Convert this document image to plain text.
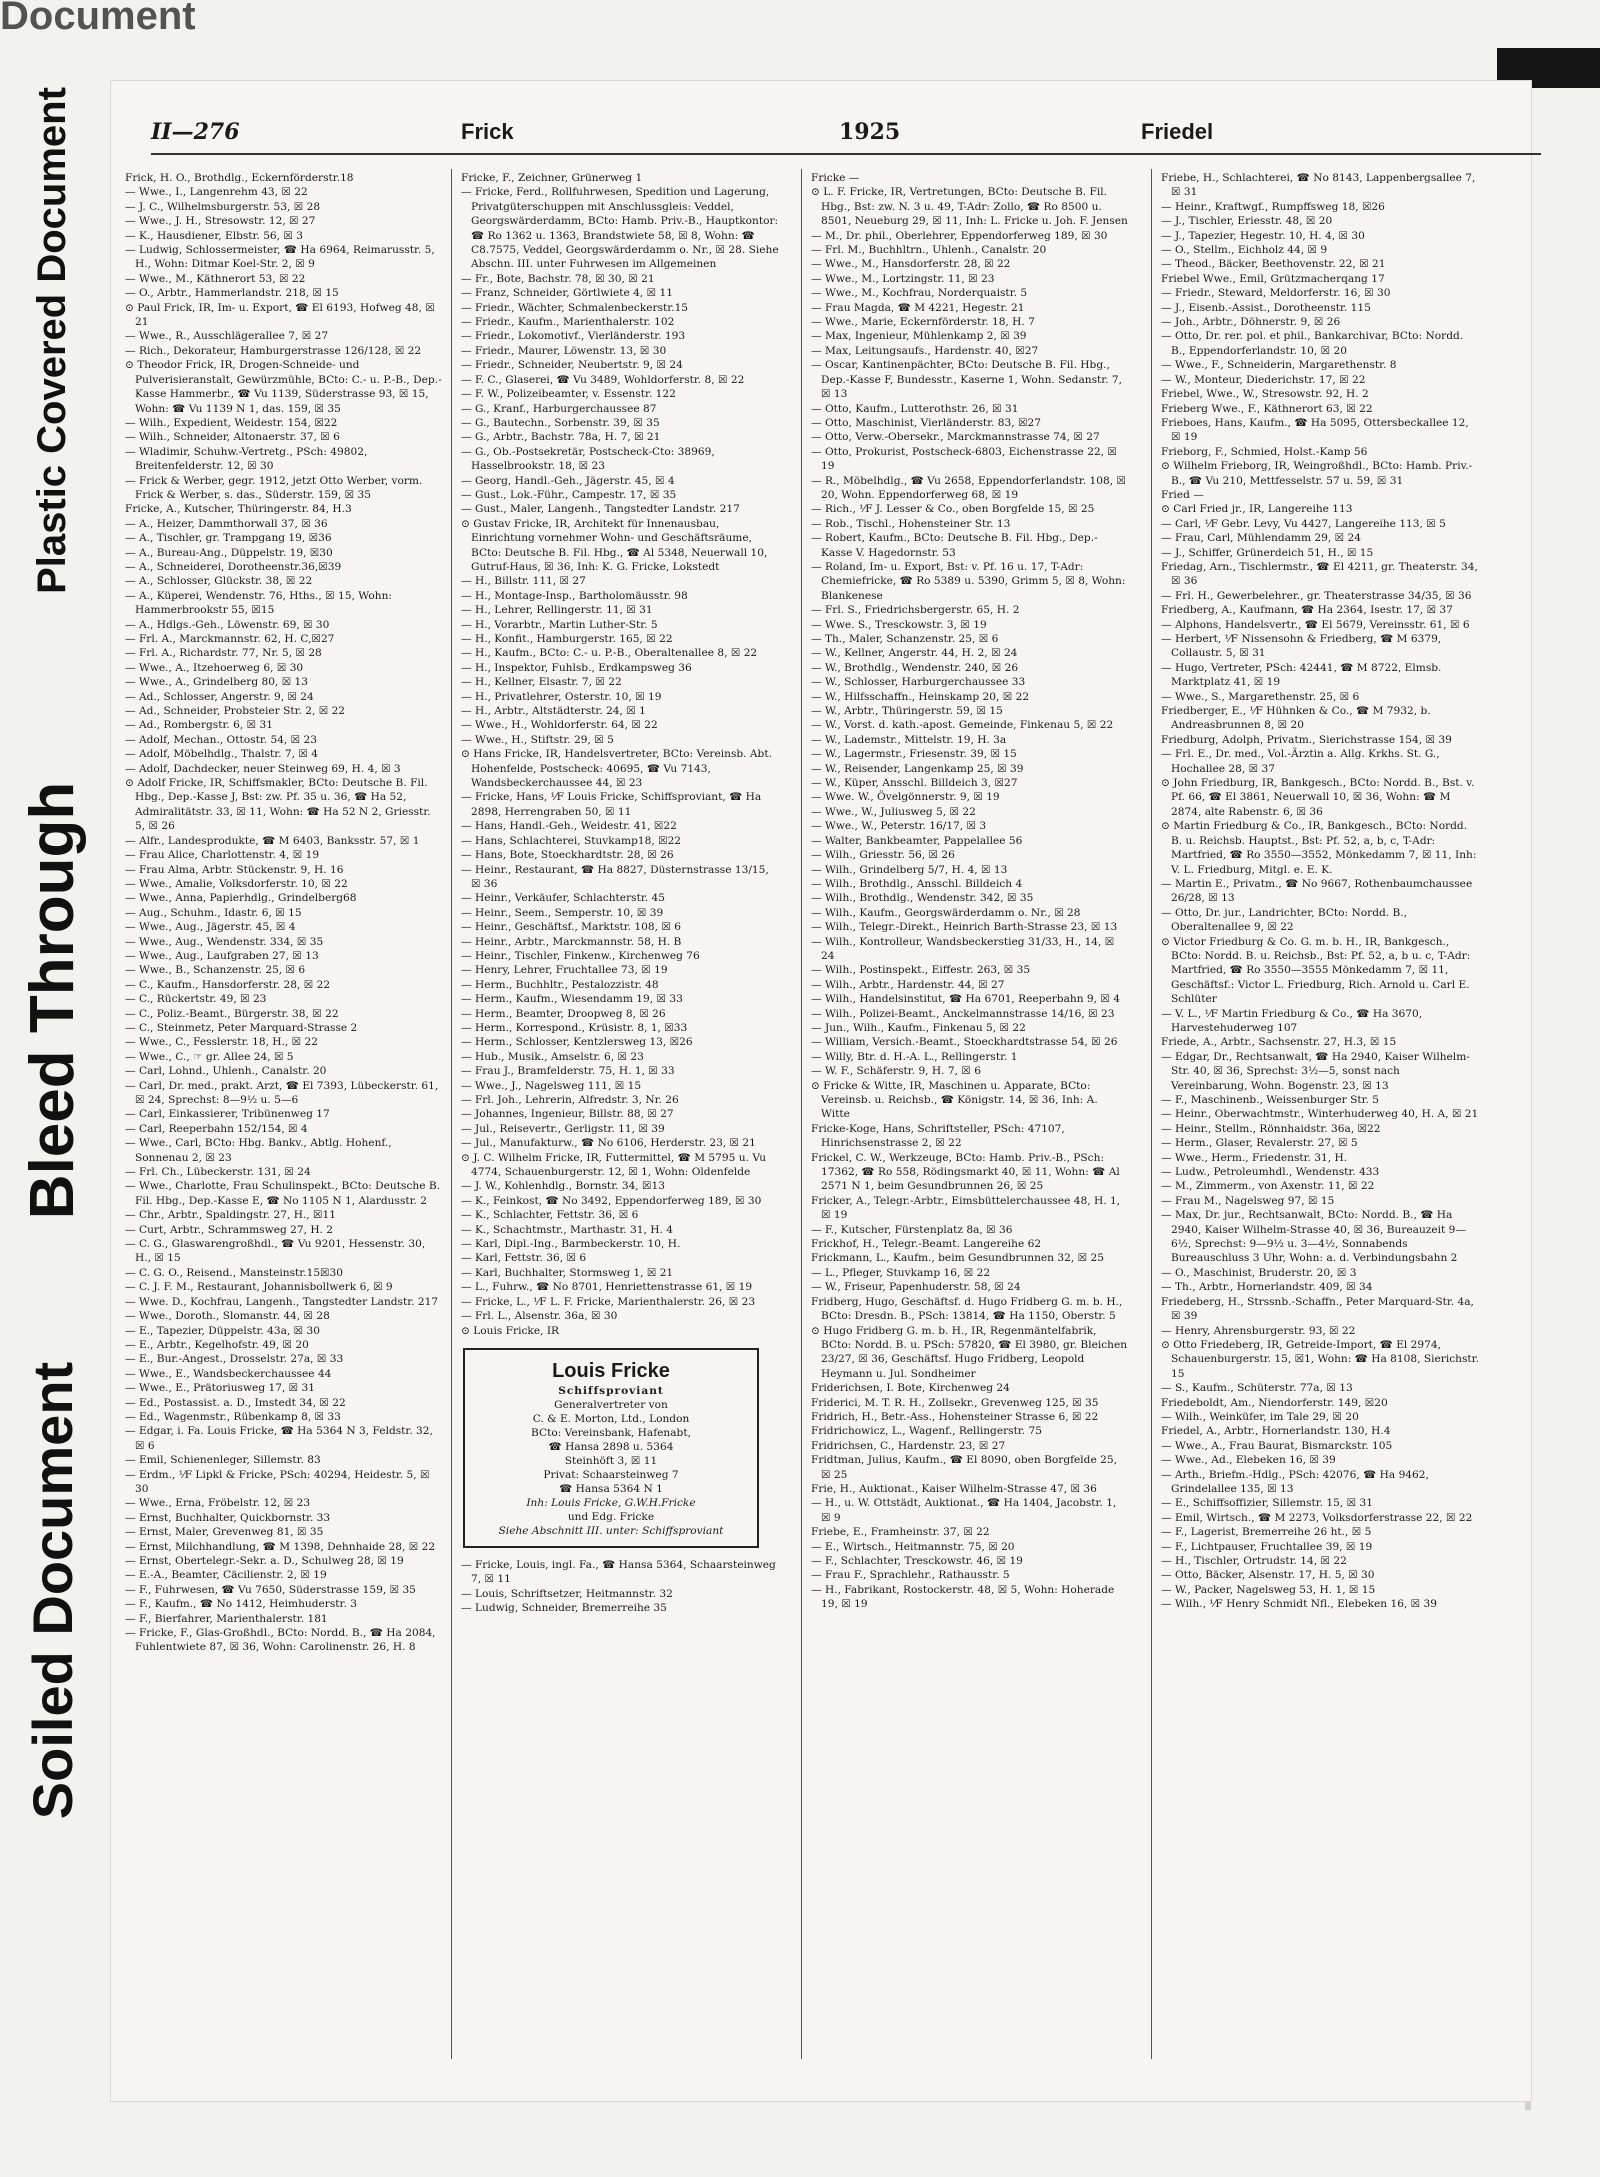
Plastic Covered Document
Document
Bleed Through
Soiled Document
II—276	Frick	1925	Friedel

Frick, H. O., Brothdlg., Eckernförderstr.18

— Wwe., I., Langenrehm 43, ☒ 22

— J. C., Wilhelmsburgerstr. 53, ☒ 28

— Wwe., J. H., Stresowstr. 12, ☒ 27

— K., Hausdiener, Elbstr. 56, ☒ 3

— Ludwig, Schlossermeister, ☎ Ha 6964, Reimarusstr. 5, H., Wohn: Ditmar Koel-Str. 2, ☒ 9

— Wwe., M., Käthnerort 53, ☒ 22

— O., Arbtr., Hammerlandstr. 218, ☒ 15

⊙ Paul Frick, IR, Im- u. Export, ☎ El 6193, Hofweg 48, ☒ 21

— Wwe., R., Ausschlägerallee 7, ☒ 27

— Rich., Dekorateur, Hamburgerstrasse 126/128, ☒ 22

⊙ Theodor Frick, IR, Drogen-Schneide- und Pulverisieranstalt, Gewürzmühle, BCto: C.- u. P.-B., Dep.-Kasse Hammerbr., ☎ Vu 1139, Süderstrasse 93, ☒ 15, Wohn: ☎ Vu 1139 N 1, das. 159, ☒ 35

— Wilh., Expedient, Weidestr. 154, ☒22

— Wilh., Schneider, Altonaerstr. 37, ☒ 6

— Wladimir, Schuhw.-Vertretg., PSch: 49802, Breitenfelderstr. 12, ☒ 30

— Frick & Werber, gegr. 1912, jetzt Otto Werber, vorm. Frick & Werber, s. das., Süderstr. 159, ☒ 35

Fricke, A., Kutscher, Thüringerstr. 84, H.3

— A., Heizer, Dammthorwall 37, ☒ 36

— A., Tischler, gr. Trampgang 19, ☒36

— A., Bureau-Ang., Düppelstr. 19, ☒30

— A., Schneiderei, Dorotheenstr.36,☒39

— A., Schlosser, Glückstr. 38, ☒ 22

— A., Küperei, Wendenstr. 76, Hths., ☒ 15, Wohn: Hammerbrookstr 55, ☒15

— A., Hdlgs.-Geh., Löwenstr. 69, ☒ 30

— Frl. A., Marckmannstr. 62, H. C,☒27

— Frl. A., Richardstr. 77, Nr. 5, ☒ 28

— Wwe., A., Itzehoerweg 6, ☒ 30

— Wwe., A., Grindelberg 80, ☒ 13

— Ad., Schlosser, Angerstr. 9, ☒ 24

— Ad., Schneider, Probsteier Str. 2, ☒ 22

— Ad., Rombergstr. 6, ☒ 31

— Adolf, Mechan., Ottostr. 54, ☒ 23

— Adolf, Möbelhdlg., Thalstr. 7, ☒ 4

— Adolf, Dachdecker, neuer Steinweg 69, H. 4, ☒ 3

⊙ Adolf Fricke, IR, Schiffsmakler, BCto: Deutsche B. Fil. Hbg., Dep.-Kasse J, Bst: zw. Pf. 35 u. 36, ☎ Ha 52, Admiralitätstr. 33, ☒ 11, Wohn: ☎ Ha 52 N 2, Griesstr. 5, ☒ 26

— Alfr., Landesprodukte, ☎ M 6403, Banksstr. 57, ☒ 1

— Frau Alice, Charlottenstr. 4, ☒ 19

— Frau Alma, Arbtr. Stückenstr. 9, H. 16

— Wwe., Amalie, Volksdorferstr. 10, ☒ 22

— Wwe., Anna, Papierhdlg., Grindelberg68

— Aug., Schuhm., Idastr. 6, ☒ 15

— Wwe., Aug., Jägerstr. 45, ☒ 4

— Wwe., Aug., Wendenstr. 334, ☒ 35

— Wwe., Aug., Laufgraben 27, ☒ 13

— Wwe., B., Schanzenstr. 25, ☒ 6

— C., Kaufm., Hansdorferstr. 28, ☒ 22

— C., Rückertstr. 49, ☒ 23

— C., Poliz.-Beamt., Bürgerstr. 38, ☒ 22

— C., Steinmetz, Peter Marquard-Strasse 2

— Wwe., C., Fesslerstr. 18, H., ☒ 22

— Wwe., C., ☞ gr. Allee 24, ☒ 5

— Carl, Lohnd., Uhlenh., Canalstr. 20

— Carl, Dr. med., prakt. Arzt, ☎ El 7393, Lübeckerstr. 61, ☒ 24, Sprechst: 8—9½ u. 5—6

— Carl, Einkassierer, Tribünenweg 17

— Carl, Reeperbahn 152/154, ☒ 4

— Wwe., Carl, BCto: Hbg. Bankv., Abtlg. Hohenf., Sonnenau 2, ☒ 23

— Frl. Ch., Lübeckerstr. 131, ☒ 24

— Wwe., Charlotte, Frau Schulinspekt., BCto: Deutsche B. Fil. Hbg., Dep.-Kasse E, ☎ No 1105 N 1, Alardusstr. 2

— Chr., Arbtr., Spaldingstr. 27, H., ☒11

— Curt, Arbtr., Schrammsweg 27, H. 2

— C. G., Glaswarengroßhdl., ☎ Vu 9201, Hessenstr. 30, H., ☒ 15

— C. G. O., Reisend., Mansteinstr.15☒30

— C. J. F. M., Restaurant, Johannisbollwerk 6, ☒ 9

— Wwe. D., Kochfrau, Langenh., Tangstedter Landstr. 217

— Wwe., Doroth., Slomanstr. 44, ☒ 28

— E., Tapezier, Düppelstr. 43a, ☒ 30

— E., Arbtr., Kegelhofstr. 49, ☒ 20

— E., Bur.-Angest., Drosselstr. 27a, ☒ 33

— Wwe., E., Wandsbeckerchaussee 44

— Wwe., E., Prätoriusweg 17, ☒ 31

— Ed., Postassist. a. D., Imstedt 34, ☒ 22

— Ed., Wagenmstr., Rübenkamp 8, ☒ 33

— Edgar, i. Fa. Louis Fricke, ☎ Ha 5364 N 3, Feldstr. 32, ☒ 6

— Emil, Schienenleger, Sillemstr. 83

— Erdm., ⅟F Lipkl & Fricke, PSch: 40294, Heidestr. 5, ☒ 30

— Wwe., Erna, Fröbelstr. 12, ☒ 23

— Ernst, Buchhalter, Quickbornstr. 33

— Ernst, Maler, Grevenweg 81, ☒ 35

— Ernst, Milchhandlung, ☎ M 1398, Dehnhaide 28, ☒ 22

— Ernst, Obertelegr.-Sekr. a. D., Schulweg 28, ☒ 19

— E.-A., Beamter, Cäcilienstr. 2, ☒ 19

— F., Fuhrwesen, ☎ Vu 7650, Süderstrasse 159, ☒ 35

— F., Kaufm., ☎ No 1412, Heimhuderstr. 3

— F., Bierfahrer, Marienthalerstr. 181

— Fricke, F., Glas-Großhdl., BCto: Nordd. B., ☎ Ha 2084, Fuhlentwiete 87, ☒ 36, Wohn: Carolinenstr. 26, H. 8

Fricke, F., Zeichner, Grünerweg 1

— Fricke, Ferd., Rollfuhrwesen, Spedition und Lagerung, Privatgüterschuppen mit Anschlussgleis: Veddel, Georgswärderdamm, BCto: Hamb. Priv.-B., Hauptkontor: ☎ Ro 1362 u. 1363, Brandstwiete 58, ☒ 8, Wohn: ☎ C8.7575, Veddel, Georgswärderdamm o. Nr., ☒ 28. Siehe Abschn. III. unter Fuhrwesen im Allgemeinen

— Fr., Bote, Bachstr. 78, ☒ 30, ☒ 21

— Franz, Schneider, Görtlwiete 4, ☒ 11

— Friedr., Wächter, Schmalenbeckerstr.15

— Friedr., Kaufm., Marienthalerstr. 102

— Friedr., Lokomotivf., Vierländerstr. 193

— Friedr., Maurer, Löwenstr. 13, ☒ 30

— Friedr., Schneider, Neubertstr. 9, ☒ 24

— F. C., Glaserei, ☎ Vu 3489, Wohldorferstr. 8, ☒ 22

— F. W., Polizeibeamter, v. Essenstr. 122

— G., Kranf., Harburgerchaussee 87

— G., Bautechn., Sorbenstr. 39, ☒ 35

— G., Arbtr., Bachstr. 78a, H. 7, ☒ 21

— G., Ob.-Postsekretär, Postscheck-Cto: 38969, Hasselbrookstr. 18, ☒ 23

— Georg, Handl.-Geh., Jägerstr. 45, ☒ 4

— Gust., Lok.-Führ., Campestr. 17, ☒ 35

— Gust., Maler, Langenh., Tangstedter Landstr. 217

⊙ Gustav Fricke, IR, Architekt für Innenausbau, Einrichtung vornehmer Wohn- und Geschäftsräume, BCto: Deutsche B. Fil. Hbg., ☎ Al 5348, Neuerwall 10, Gutruf-Haus, ☒ 36, Inh: K. G. Fricke, Lokstedt

— H., Billstr. 111, ☒ 27

— H., Montage-Insp., Bartholomäusstr. 98

— H., Lehrer, Rellingerstr. 11, ☒ 31

— H., Vorarbtr., Martin Luther-Str. 5

— H., Konfit., Hamburgerstr. 165, ☒ 22

— H., Kaufm., BCto: C.- u. P.-B., Oberaltenallee 8, ☒ 22

— H., Inspektor, Fuhlsb., Erdkampsweg 36

— H., Kellner, Elsastr. 7, ☒ 22

— H., Privatlehrer, Osterstr. 10, ☒ 19

— H., Arbtr., Altstädterstr. 24, ☒ 1

— Wwe., H., Wohldorferstr. 64, ☒ 22

— Wwe., H., Stiftstr. 29, ☒ 5

⊙ Hans Fricke, IR, Handelsvertreter, BCto: Vereinsb. Abt. Hohenfelde, Postscheck: 40695, ☎ Vu 7143, Wandsbeckerchaussee 44, ☒ 23

— Fricke, Hans, ⅟F Louis Fricke, Schiffsproviant, ☎ Ha 2898, Herrengraben 50, ☒ 11

— Hans, Handl.-Geh., Weidestr. 41, ☒22

— Hans, Schlachterei, Stuvkamp18, ☒22

— Hans, Bote, Stoeckhardtstr. 28, ☒ 26

— Heinr., Restaurant, ☎ Ha 8827, Düsternstrasse 13/15, ☒ 36

— Heinr., Verkäufer, Schlachterstr. 45

— Heinr., Seem., Semperstr. 10, ☒ 39

— Heinr., Geschäftsf., Marktstr. 108, ☒ 6

— Heinr., Arbtr., Marckmannstr. 58, H. B

— Heinr., Tischler, Finkenw., Kirchenweg 76

— Henry, Lehrer, Fruchtallee 73, ☒ 19

— Herm., Buchhltr., Pestalozzistr. 48

— Herm., Kaufm., Wiesendamm 19, ☒ 33

— Herm., Beamter, Droopweg 8, ☒ 26

— Herm., Korrespond., Krüsistr. 8, 1, ☒33

— Herm., Schlosser, Kentzlersweg 13, ☒26

— Hub., Musik., Amselstr. 6, ☒ 23

— Frau J., Bramfelderstr. 75, H. 1, ☒ 33

— Wwe., J., Nagelsweg 111, ☒ 15

— Frl. Joh., Lehrerin, Alfredstr. 3, Nr. 26

— Johannes, Ingenieur, Billstr. 88, ☒ 27

— Jul., Reisevertr., Gerligstr. 11, ☒ 39

— Jul., Manufakturw., ☎ No 6106, Herderstr. 23, ☒ 21

⊙ J. C. Wilhelm Fricke, IR, Futtermittel, ☎ M 5795 u. Vu 4774, Schauenburgerstr. 12, ☒ 1, Wohn: Oldenfelde

— J. W., Kohlenhdlg., Bornstr. 34, ☒13

— K., Feinkost, ☎ No 3492, Eppendorferweg 189, ☒ 30

— K., Schlachter, Fettstr. 36, ☒ 6

— K., Schachtmstr., Marthastr. 31, H. 4

— Karl, Dipl.-Ing., Barmbeckerstr. 10, H.

— Karl, Fettstr. 36, ☒ 6

— Karl, Buchhalter, Stormsweg 1, ☒ 21

— L., Fuhrw., ☎ No 8701, Henriettenstrasse 61, ☒ 19

— Fricke, L., ⅟F L. F. Fricke, Marienthalerstr. 26, ☒ 23

— Frl. L., Alsenstr. 36a, ☒ 30

⊙ Louis Fricke, IR

Louis Fricke
Schiffsproviant
Generalvertreter von
C. & E. Morton, Ltd., London
BCto: Vereinsbank, Hafenabt,
☎ Hansa 2898 u. 5364
Steinhöft 3, ☒ 11
Privat: Schaarsteinweg 7
☎ Hansa 5364 N 1
Inh: Louis Fricke, G.W.H.Fricke
und Edg. Fricke
Siehe Abschnitt III. unter: Schiffsproviant

— Fricke, Louis, ingl. Fa., ☎ Hansa 5364, Schaarsteinweg 7, ☒ 11

— Louis, Schriftsetzer, Heitmannstr. 32

— Ludwig, Schneider, Bremerreihe 35

Fricke —

⊙ L. F. Fricke, IR, Vertretungen, BCto: Deutsche B. Fil. Hbg., Bst: zw. N. 3 u. 49, T-Adr: Zollo, ☎ Ro 8500 u. 8501, Neueburg 29, ☒ 11, Inh: L. Fricke u. Joh. F. Jensen

— M., Dr. phil., Oberlehrer, Eppendorferweg 189, ☒ 30

— Frl. M., Buchhltrn., Uhlenh., Canalstr. 20

— Wwe., M., Hansdorferstr. 28, ☒ 22

— Wwe., M., Lortzingstr. 11, ☒ 23

— Wwe., M., Kochfrau, Norderquaistr. 5

— Frau Magda, ☎ M 4221, Hegestr. 21

— Wwe., Marie, Eckernförderstr. 18, H. 7

— Max, Ingenieur, Mühlenkamp 2, ☒ 39

— Max, Leitungsaufs., Hardenstr. 40, ☒27

— Oscar, Kantinenpächter, BCto: Deutsche B. Fil. Hbg., Dep.-Kasse F, Bundesstr., Kaserne 1, Wohn. Sedanstr. 7, ☒ 13

— Otto, Kaufm., Lutterothstr. 26, ☒ 31

— Otto, Maschinist, Vierländerstr. 83, ☒27

— Otto, Verw.-Obersekr., Marckmannstrasse 74, ☒ 27

— Otto, Prokurist, Postscheck-6803, Eichenstrasse 22, ☒ 19

— R., Möbelhdlg., ☎ Vu 2658, Eppendorferlandstr. 108, ☒ 20, Wohn. Eppendorferweg 68, ☒ 19

— Rich., ⅟F J. Lesser & Co., oben Borgfelde 15, ☒ 25

— Rob., Tischl., Hohensteiner Str. 13

— Robert, Kaufm., BCto: Deutsche B. Fil. Hbg., Dep.-Kasse V. Hagedornstr. 53

— Roland, Im- u. Export, Bst: v. Pf. 16 u. 17, T-Adr: Chemiefricke, ☎ Ro 5389 u. 5390, Grimm 5, ☒ 8, Wohn: Blankenese

— Frl. S., Friedrichsbergerstr. 65, H. 2

— Wwe. S., Tresckowstr. 3, ☒ 19

— Th., Maler, Schanzenstr. 25, ☒ 6

— W., Kellner, Angerstr. 44, H. 2, ☒ 24

— W., Brothdlg., Wendenstr. 240, ☒ 26

— W., Schlosser, Harburgerchaussee 33

— W., Hilfsschaffn., Heinskamp 20, ☒ 22

— W., Arbtr., Thüringerstr. 59, ☒ 15

— W., Vorst. d. kath.-apost. Gemeinde, Finkenau 5, ☒ 22

— W., Lademstr., Mittelstr. 19, H. 3a

— W., Lagermstr., Friesenstr. 39, ☒ 15

— W., Reisender, Langenkamp 25, ☒ 39

— W., Küper, Ansschl. Billdeich 3, ☒27

— Wwe. W., Övelgönnerstr. 9, ☒ 19

— Wwe., W., Juliusweg 5, ☒ 22

— Wwe., W., Peterstr. 16/17, ☒ 3

— Walter, Bankbeamter, Pappelallee 56

— Wilh., Griesstr. 56, ☒ 26

— Wilh., Grindelberg 5/7, H. 4, ☒ 13

— Wilh., Brothdlg., Ansschl. Billdeich 4

— Wilh., Brothdlg., Wendenstr. 342, ☒ 35

— Wilh., Kaufm., Georgswärderdamm o. Nr., ☒ 28

— Wilh., Telegr.-Direkt., Heinrich Barth-Strasse 23, ☒ 13

— Wilh., Kontrolleur, Wandsbeckerstieg 31/33, H., 14, ☒ 24

— Wilh., Postinspekt., Eiffestr. 263, ☒ 35

— Wilh., Arbtr., Hardenstr. 44, ☒ 27

— Wilh., Handelsinstitut, ☎ Ha 6701, Reeperbahn 9, ☒ 4

— Wilh., Polizei-Beamt., Anckelmannstrasse 14/16, ☒ 23

— Jun., Wilh., Kaufm., Finkenau 5, ☒ 22

— William, Versich.-Beamt., Stoeckhardtstrasse 54, ☒ 26

— Willy, Btr. d. H.-A. L., Rellingerstr. 1

— W. F., Schäferstr. 9, H. 7, ☒ 6

⊙ Fricke & Witte, IR, Maschinen u. Apparate, BCto: Vereinsb. u. Reichsb., ☎ Königstr. 14, ☒ 36, Inh: A. Witte

Fricke-Koge, Hans, Schriftsteller, PSch: 47107, Hinrichsenstrasse 2, ☒ 22

Frickel, C. W., Werkzeuge, BCto: Hamb. Priv.-B., PSch: 17362, ☎ Ro 558, Rödingsmarkt 40, ☒ 11, Wohn: ☎ Al 2571 N 1, beim Gesundbrunnen 26, ☒ 25

Fricker, A., Telegr.-Arbtr., Eimsbüttelerchaussee 48, H. 1, ☒ 19

— F., Kutscher, Fürstenplatz 8a, ☒ 36

Frickhof, H., Telegr.-Beamt. Langereihe 62

Frickmann, L., Kaufm., beim Gesundbrunnen 32, ☒ 25

— L., Pfleger, Stuvkamp 16, ☒ 22

— W., Friseur, Papenhuderstr. 58, ☒ 24

Fridberg, Hugo, Geschäftsf. d. Hugo Fridberg G. m. b. H., BCto: Dresdn. B., PSch: 13814, ☎ Ha 1150, Oberstr. 5

⊙ Hugo Fridberg G. m. b. H., IR, Regenmäntelfabrik, BCto: Nordd. B. u. PSch: 57820, ☎ El 3980, gr. Bleichen 23/27, ☒ 36, Geschäftsf. Hugo Fridberg, Leopold Heymann u. Jul. Sondheimer

Friderichsen, I. Bote, Kirchenweg 24

Friderici, M. T. R. H., Zollsekr., Grevenweg 125, ☒ 35

Fridrich, H., Betr.-Ass., Hohensteiner Strasse 6, ☒ 22

Fridrichowicz, L., Wagenf., Rellingerstr. 75

Fridrichsen, C., Hardenstr. 23, ☒ 27

Fridtman, Julius, Kaufm., ☎ El 8090, oben Borgfelde 25, ☒ 25

Frie, H., Auktionat., Kaiser Wilhelm-Strasse 47, ☒ 36

— H., u. W. Ottstädt, Auktionat., ☎ Ha 1404, Jacobstr. 1, ☒ 9

Friebe, E., Framheinstr. 37, ☒ 22

— E., Wirtsch., Heitmannstr. 75, ☒ 20

— F., Schlachter, Tresckowstr. 46, ☒ 19

— Frau F., Sprachlehr., Rathausstr. 5

— H., Fabrikant, Rostockerstr. 48, ☒ 5, Wohn: Hoherade 19, ☒ 19

Friebe, H., Schlachterei, ☎ No 8143, Lappenbergsallee 7, ☒ 31

— Heinr., Kraftwgf., Rumpffsweg 18, ☒26

— J., Tischler, Eriesstr. 48, ☒ 20

— J., Tapezier, Hegestr. 10, H. 4, ☒ 30

— O., Stellm., Eichholz 44, ☒ 9

— Theod., Bäcker, Beethovenstr. 22, ☒ 21

Friebel Wwe., Emil, Grützmacherqang 17

— Friedr., Steward, Meldorferstr. 16, ☒ 30

— J., Eisenb.-Assist., Dorotheenstr. 115

— Joh., Arbtr., Döhnerstr. 9, ☒ 26

— Otto, Dr. rer. pol. et phil., Bankarchivar, BCto: Nordd. B., Eppendorferlandstr. 10, ☒ 20

— Wwe., F., Schneiderin, Margarethenstr. 8

— W., Monteur, Diederichstr. 17, ☒ 22

Friebel, Wwe., W., Stresowstr. 92, H. 2

Frieberg Wwe., F., Käthnerort 63, ☒ 22

Frieboes, Hans, Kaufm., ☎ Ha 5095, Ottersbeckallee 12, ☒ 19

Frieborg, F., Schmied, Holst.-Kamp 56

⊙ Wilhelm Frieborg, IR, Weingroßhdl., BCto: Hamb. Priv.-B., ☎ Vu 210, Mettfesselstr. 57 u. 59, ☒ 31

Fried —

⊙ Carl Fried jr., IR, Langereihe 113

— Carl, ⅟F Gebr. Levy, Vu 4427, Langereihe 113, ☒ 5

— Frau, Carl, Mühlendamm 29, ☒ 24

— J., Schiffer, Grünerdeich 51, H., ☒ 15

Friedag, Arn., Tischlermstr., ☎ El 4211, gr. Theaterstr. 34, ☒ 36

— Frl. H., Gewerbelehrer., gr. Theaterstrasse 34/35, ☒ 36

Friedberg, A., Kaufmann, ☎ Ha 2364, Isestr. 17, ☒ 37

— Alphons, Handelsvertr., ☎ El 5679, Vereinsstr. 61, ☒ 6

— Herbert, ⅟F Nissensohn & Friedberg, ☎ M 6379, Collaustr. 5, ☒ 31

— Hugo, Vertreter, PSch: 42441, ☎ M 8722, Elmsb. Marktplatz 41, ☒ 19

— Wwe., S., Margarethenstr. 25, ☒ 6

Friedberger, E., ⅟F Hühnken & Co., ☎ M 7932, b. Andreasbrunnen 8, ☒ 20

Friedburg, Adolph, Privatm., Sierichstrasse 154, ☒ 39

— Frl. E., Dr. med., Vol.-Ärztin a. Allg. Krkhs. St. G., Hochallee 28, ☒ 37

⊙ John Friedburg, IR, Bankgesch., BCto: Nordd. B., Bst. v. Pf. 66, ☎ El 3861, Neuerwall 10, ☒ 36, Wohn: ☎ M 2874, alte Rabenstr. 6, ☒ 36

⊙ Martin Friedburg & Co., IR, Bankgesch., BCto: Nordd. B. u. Reichsb. Hauptst., Bst: Pf. 52, a, b, c, T-Adr: Martfried, ☎ Ro 3550—3552, Mönkedamm 7, ☒ 11, Inh: V. L. Friedburg, Mitgl. e. E. K.

— Martin E., Privatm., ☎ No 9667, Rothenbaumchaussee 26/28, ☒ 13

— Otto, Dr. jur., Landrichter, BCto: Nordd. B., Oberaltenallee 9, ☒ 22

⊙ Victor Friedburg & Co. G. m. b. H., IR, Bankgesch., BCto: Nordd. B. u. Reichsb., Bst: Pf. 52, a, b u. c, T-Adr: Martfried, ☎ Ro 3550—3555 Mönkedamm 7, ☒ 11, Geschäftsf.: Victor L. Friedburg, Rich. Arnold u. Carl E. Schlüter

— V. L., ⅟F Martin Friedburg & Co., ☎ Ha 3670, Harvestehuderweg 107

Friede, A., Arbtr., Sachsenstr. 27, H.3, ☒ 15

— Edgar, Dr., Rechtsanwalt, ☎ Ha 2940, Kaiser Wilhelm-Str. 40, ☒ 36, Sprechst: 3½—5, sonst nach Vereinbarung, Wohn. Bogenstr. 23, ☒ 13

— F., Maschinenb., Weissenburger Str. 5

— Heinr., Oberwachtmstr., Winterhuderweg 40, H. A, ☒ 21

— Heinr., Stellm., Rönnhaidstr. 36a, ☒22

— Herm., Glaser, Revalerstr. 27, ☒ 5

— Wwe., Herm., Friedenstr. 31, H.

— Ludw., Petroleumhdl., Wendenstr. 433

— M., Zimmerm., von Axenstr. 11, ☒ 22

— Frau M., Nagelsweg 97, ☒ 15

— Max, Dr. jur., Rechtsanwalt, BCto: Nordd. B., ☎ Ha 2940, Kaiser Wilhelm-Strasse 40, ☒ 36, Bureauzeit 9—6½, Sprechst: 9—9½ u. 3—4½, Sonnabends Bureauschluss 3 Uhr, Wohn: a. d. Verbindungsbahn 2

— O., Maschinist, Bruderstr. 20, ☒ 3

— Th., Arbtr., Hornerlandstr. 409, ☒ 34

Friedeberg, H., Strssnb.-Schaffn., Peter Marquard-Str. 4a, ☒ 39

— Henry, Ahrensburgerstr. 93, ☒ 22

⊙ Otto Friedeberg, IR, Getreide-Import, ☎ El 2974, Schauenburgerstr. 15, ☒1, Wohn: ☎ Ha 8108, Sierichstr. 15

— S., Kaufm., Schüterstr. 77a, ☒ 13

Friedeboldt, Am., Niendorferstr. 149, ☒20

— Wilh., Weinküfer, im Tale 29, ☒ 20

Friedel, A., Arbtr., Hornerlandstr. 130, H.4

— Wwe., A., Frau Baurat, Bismarckstr. 105

— Wwe., Ad., Elebeken 16, ☒ 39

— Arth., Briefm.-Hdlg., PSch: 42076, ☎ Ha 9462, Grindelallee 135, ☒ 13

— E., Schiffsoffizier, Sillemstr. 15, ☒ 31

— Emil, Wirtsch., ☎ M 2273, Volksdorferstrasse 22, ☒ 22

— F., Lagerist, Bremerreihe 26 ht., ☒ 5

— F., Lichtpauser, Fruchtallee 39, ☒ 19

— H., Tischler, Ortrudstr. 14, ☒ 22

— Otto, Bäcker, Alsenstr. 17, H. 5, ☒ 30

— W., Packer, Nagelsweg 53, H. 1, ☒ 15

— Wilh., ⅟F Henry Schmidt Nfl., Elebeken 16, ☒ 39
